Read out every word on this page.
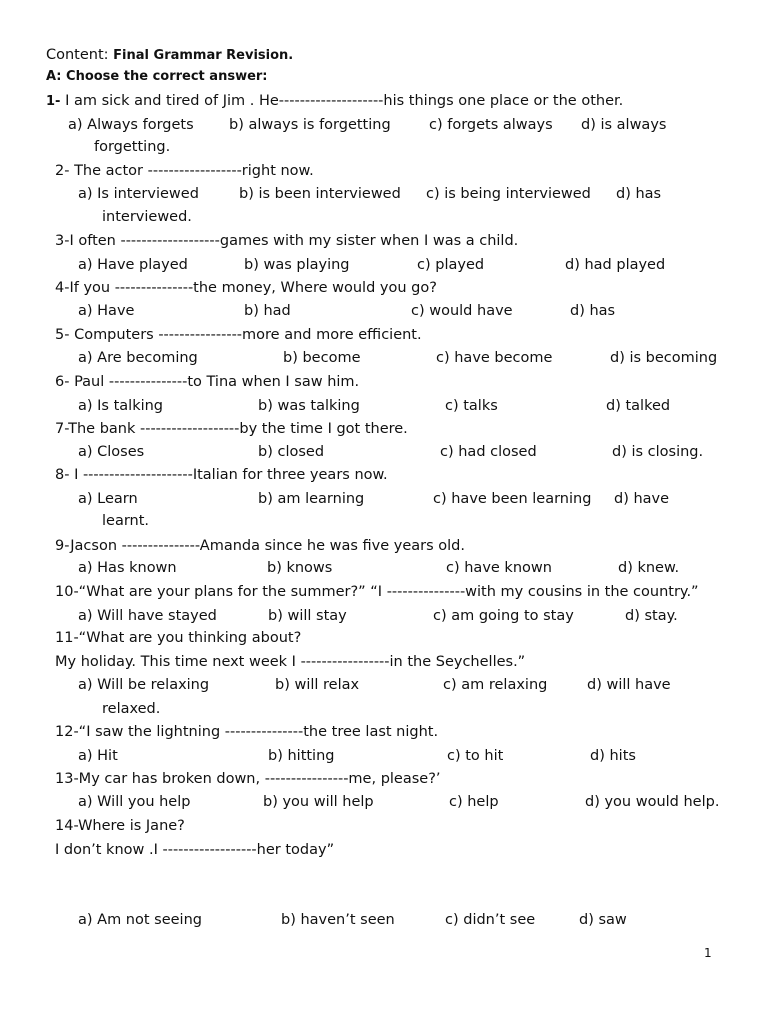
Content: Final Grammar Revision.
A: Choose the correct answer:
1- I am sick and tired of Jim . He--------------------his things one place or the other.
a) Always forgets b) always is forgetting	c) forgets always d) is always
forgetting.
2- The actor ------------------right now.
a) Is interviewed	b) is been interviewed c) is being interviewed d) has
interviewed.
3-I often -------------------games with my sister when I was a child.
a) Have played	b) was playing	c) played	d) had played
4-If you ---------------the money, Where would you go?
a) Have	b) had	c) would have	d) has
5- Computers ----------------more and more efficient.
a) Are becoming	b) become	c) have become	d) is becoming
6- Paul ---------------to Tina when I saw him.
a) Is talking	b) was talking	c) talks	d) talked
7-The bank -------------------by the time I got there.
a) Closes	b) closed	c) had closed	d) is closing.
8- I ---------------------Italian for three years now.
a) Learn	b) am learning	c) have been learning d) have
learnt.
9-Jacson ---------------Amanda since he was five years old.
a) Has known	b) knows	c) have known	d) knew.
10-“What are your plans for the summer?” “I ---------------with my cousins in the country.”
a) Will have stayed	b) will stay	c) am going to stay	d) stay.
11-“What are you thinking about?
My holiday. This time next week I -----------------in the Seychelles.”
a) Will be relaxing	b) will relax	c) am relaxing	d) will have
relaxed.
12-“I saw the lightning ---------------the tree last night.
a) Hit	b) hitting	c) to hit	d) hits
13-My car has broken down, ----------------me, please?’
a) Will you help	b) you will help	c) help	d) you would help.
14-Where is Jane?
I don’t know .I ------------------her today”
a) Am not seeing	b) haven’t seen	c) didn’t see	d) saw
1
